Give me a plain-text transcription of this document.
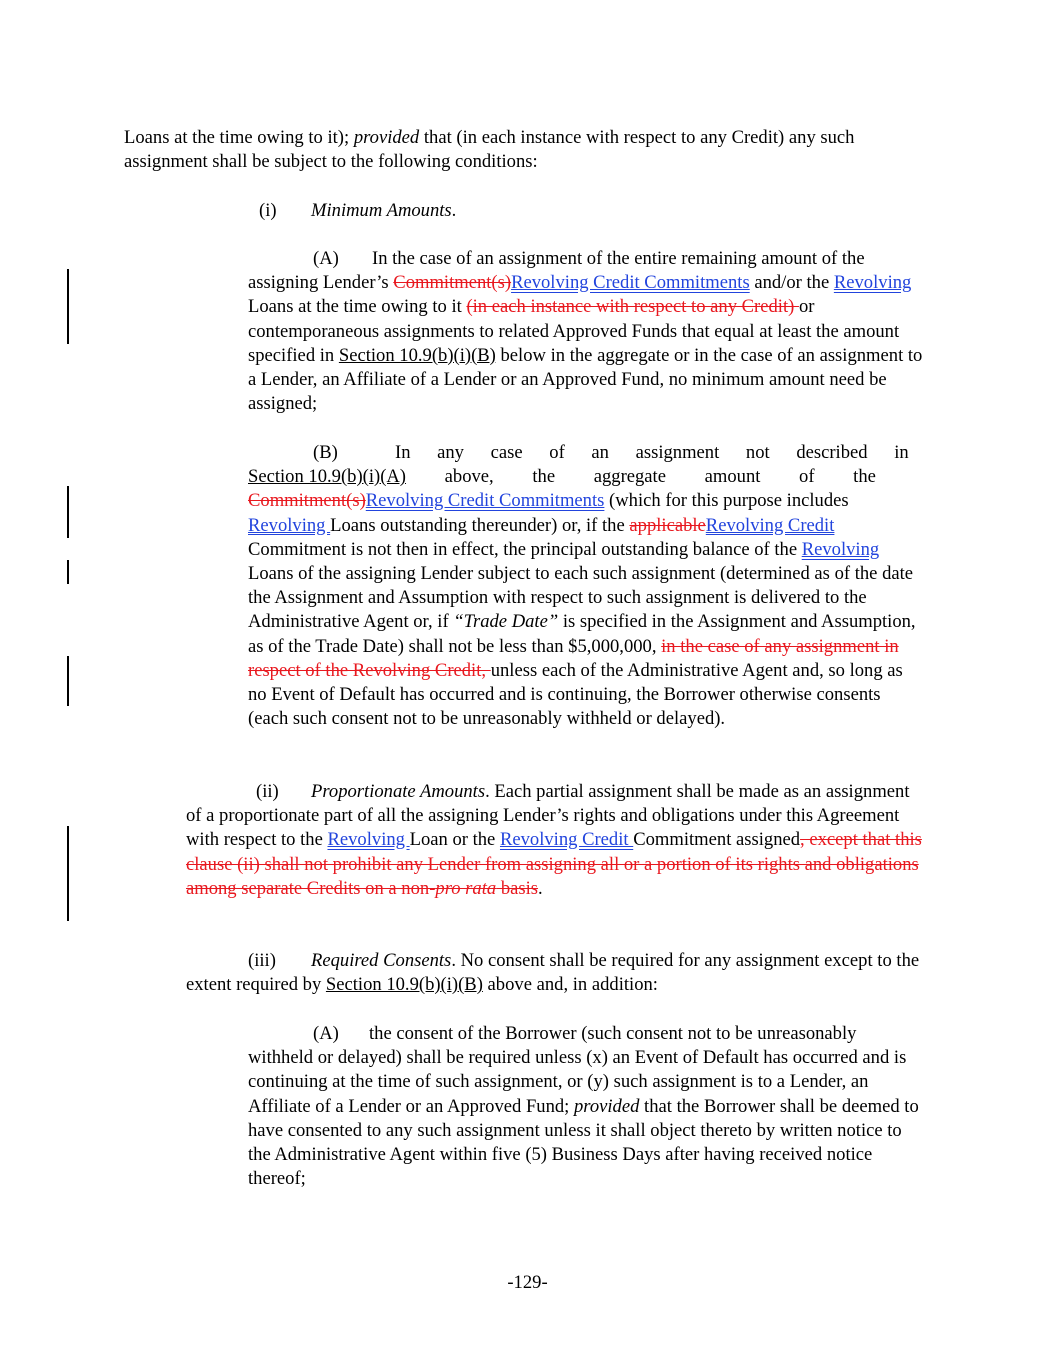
Loans at the time owing to it); provided that (in each instance with respect to any Credit) any such assignment shall be subject to the following conditions:

(i) Minimum Amounts.

(A) In the case of an assignment of the entire remaining amount of the assigning Lender’s Commitment(s)Revolving Credit Commitments and/or the Revolving Loans at the time owing to it (in each instance with respect to any Credit) or contemporaneous assignments to related Approved Funds that equal at least the amount specified in Section 10.9(b)(i)(B) below in the aggregate or in the case of an assignment to a Lender, an Affiliate of a Lender or an Approved Fund, no minimum amount need be assigned;

(B)	In any case of an assignment not described in Section 10.9(b)(i)(A) above, the aggregate amount of the Commitment(s)Revolving Credit Commitments (which for this purpose includes Revolving Loans outstanding thereunder) or, if the applicableRevolving Credit Commitment is not then in effect, the principal outstanding balance of the Revolving Loans of the assigning Lender subject to each such assignment (determined as of the date the Assignment and Assumption with respect to such assignment is delivered to the Administrative Agent or, if “Trade Date” is specified in the Assignment and Assumption, as of the Trade Date) shall not be less than $5,000,000, in the case of any assignment in respect of the Revolving Credit, unless each of the Administrative Agent and, so long as no Event of Default has occurred and is continuing, the Borrower otherwise consents (each such consent not to be unreasonably withheld or delayed).

(ii) Proportionate Amounts. Each partial assignment shall be made as an assignment of a proportionate part of all the assigning Lender’s rights and obligations under this Agreement with respect to the Revolving Loan or the Revolving Credit Commitment assigned, except that this clause (ii) shall not prohibit any Lender from assigning all or a portion of its rights and obligations among separate Credits on a non-pro rata basis.

(iii) Required Consents. No consent shall be required for any assignment except to the extent required by Section 10.9(b)(i)(B) above and, in addition:

(A) the consent of the Borrower (such consent not to be unreasonably withheld or delayed) shall be required unless (x) an Event of Default has occurred and is continuing at the time of such assignment, or (y) such assignment is to a Lender, an Affiliate of a Lender or an Approved Fund; provided that the Borrower shall be deemed to have consented to any such assignment unless it shall object thereto by written notice to the Administrative Agent within five (5) Business Days after having received notice thereof;

-129-
